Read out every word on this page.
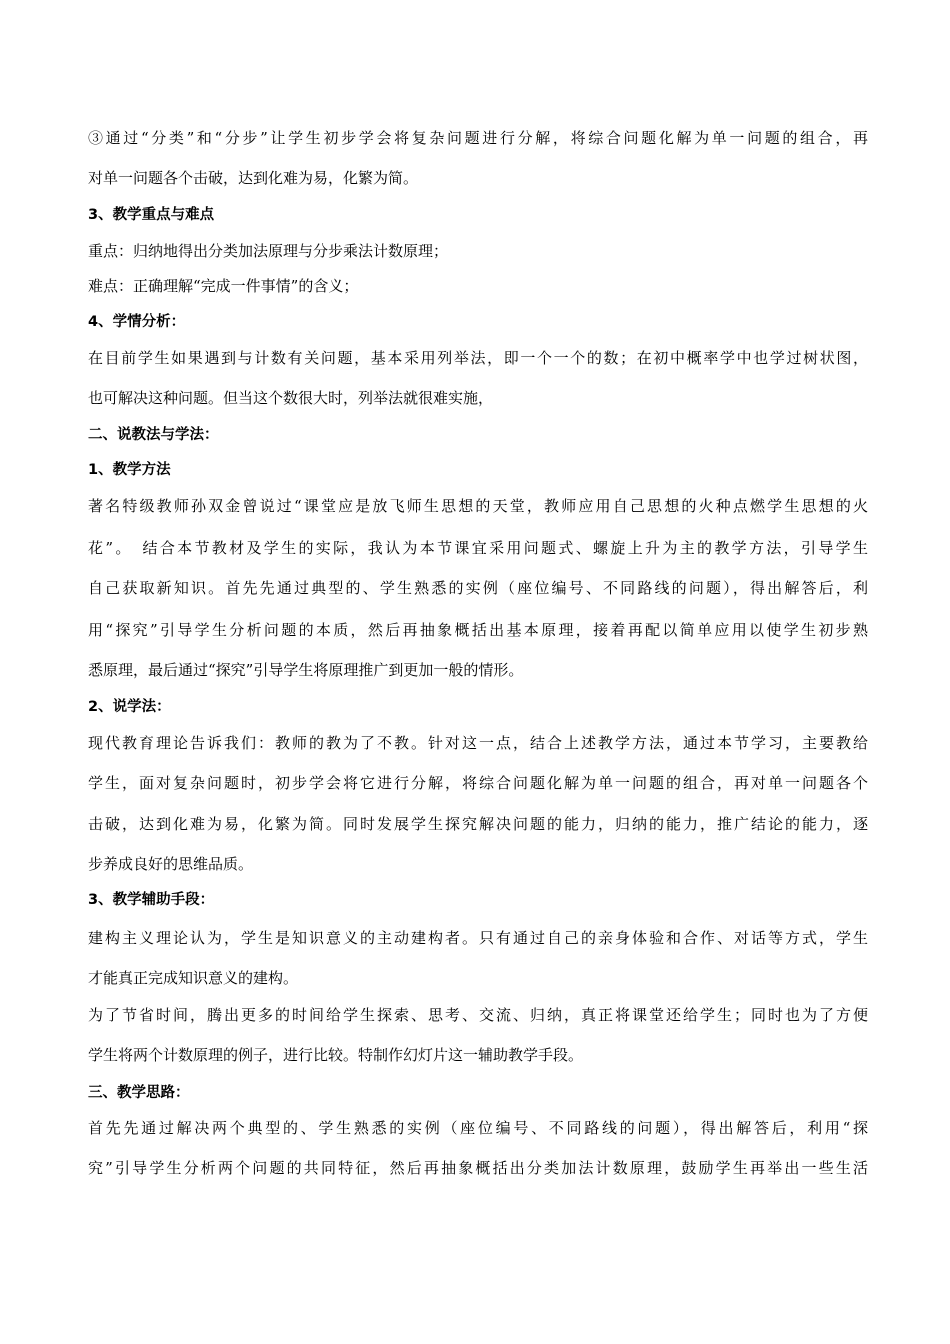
③通过“分类”和“分步”让学生初步学会将复杂问题进行分解，将综合问题化解为单一问题的组合，再
对单一问题各个击破，达到化难为易，化繁为简。
3、教学重点与难点
重点：归纳地得出分类加法原理与分步乘法计数原理；
难点：正确理解“完成一件事情”的含义；
4、学情分析：
在目前学生如果遇到与计数有关问题，基本采用列举法，即一个一个的数；在初中概率学中也学过树状图，
也可解决这种问题。但当这个数很大时，列举法就很难实施，
二、说教法与学法：
1、教学方法
著名特级教师孙双金曾说过“课堂应是放飞师生思想的天堂，教师应用自己思想的火种点燃学生思想的火
花”。　结合本节教材及学生的实际，我认为本节课宜采用问题式、螺旋上升为主的教学方法，引导学生
自己获取新知识。首先先通过典型的、学生熟悉的实例（座位编号、不同路线的问题），得出解答后，利
用“探究”引导学生分析问题的本质，然后再抽象概括出基本原理，接着再配以简单应用以使学生初步熟
悉原理，最后通过“探究”引导学生将原理推广到更加一般的情形。
2、说学法：
现代教育理论告诉我们：教师的教为了不教。针对这一点，结合上述教学方法，通过本节学习，主要教给
学生，面对复杂问题时，初步学会将它进行分解，将综合问题化解为单一问题的组合，再对单一问题各个
击破，达到化难为易，化繁为简。同时发展学生探究解决问题的能力，归纳的能力，推广结论的能力，逐
步养成良好的思维品质。
3、教学辅助手段：
建构主义理论认为，学生是知识意义的主动建构者。只有通过自己的亲身体验和合作、对话等方式，学生
才能真正完成知识意义的建构。
为了节省时间，腾出更多的时间给学生探索、思考、交流、归纳，真正将课堂还给学生；同时也为了方便
学生将两个计数原理的例子，进行比较。特制作幻灯片这一辅助教学手段。
三、教学思路：
首先先通过解决两个典型的、学生熟悉的实例（座位编号、不同路线的问题），得出解答后，利用“探
究”引导学生分析两个问题的共同特征，然后再抽象概括出分类加法计数原理，鼓励学生再举出一些生活
